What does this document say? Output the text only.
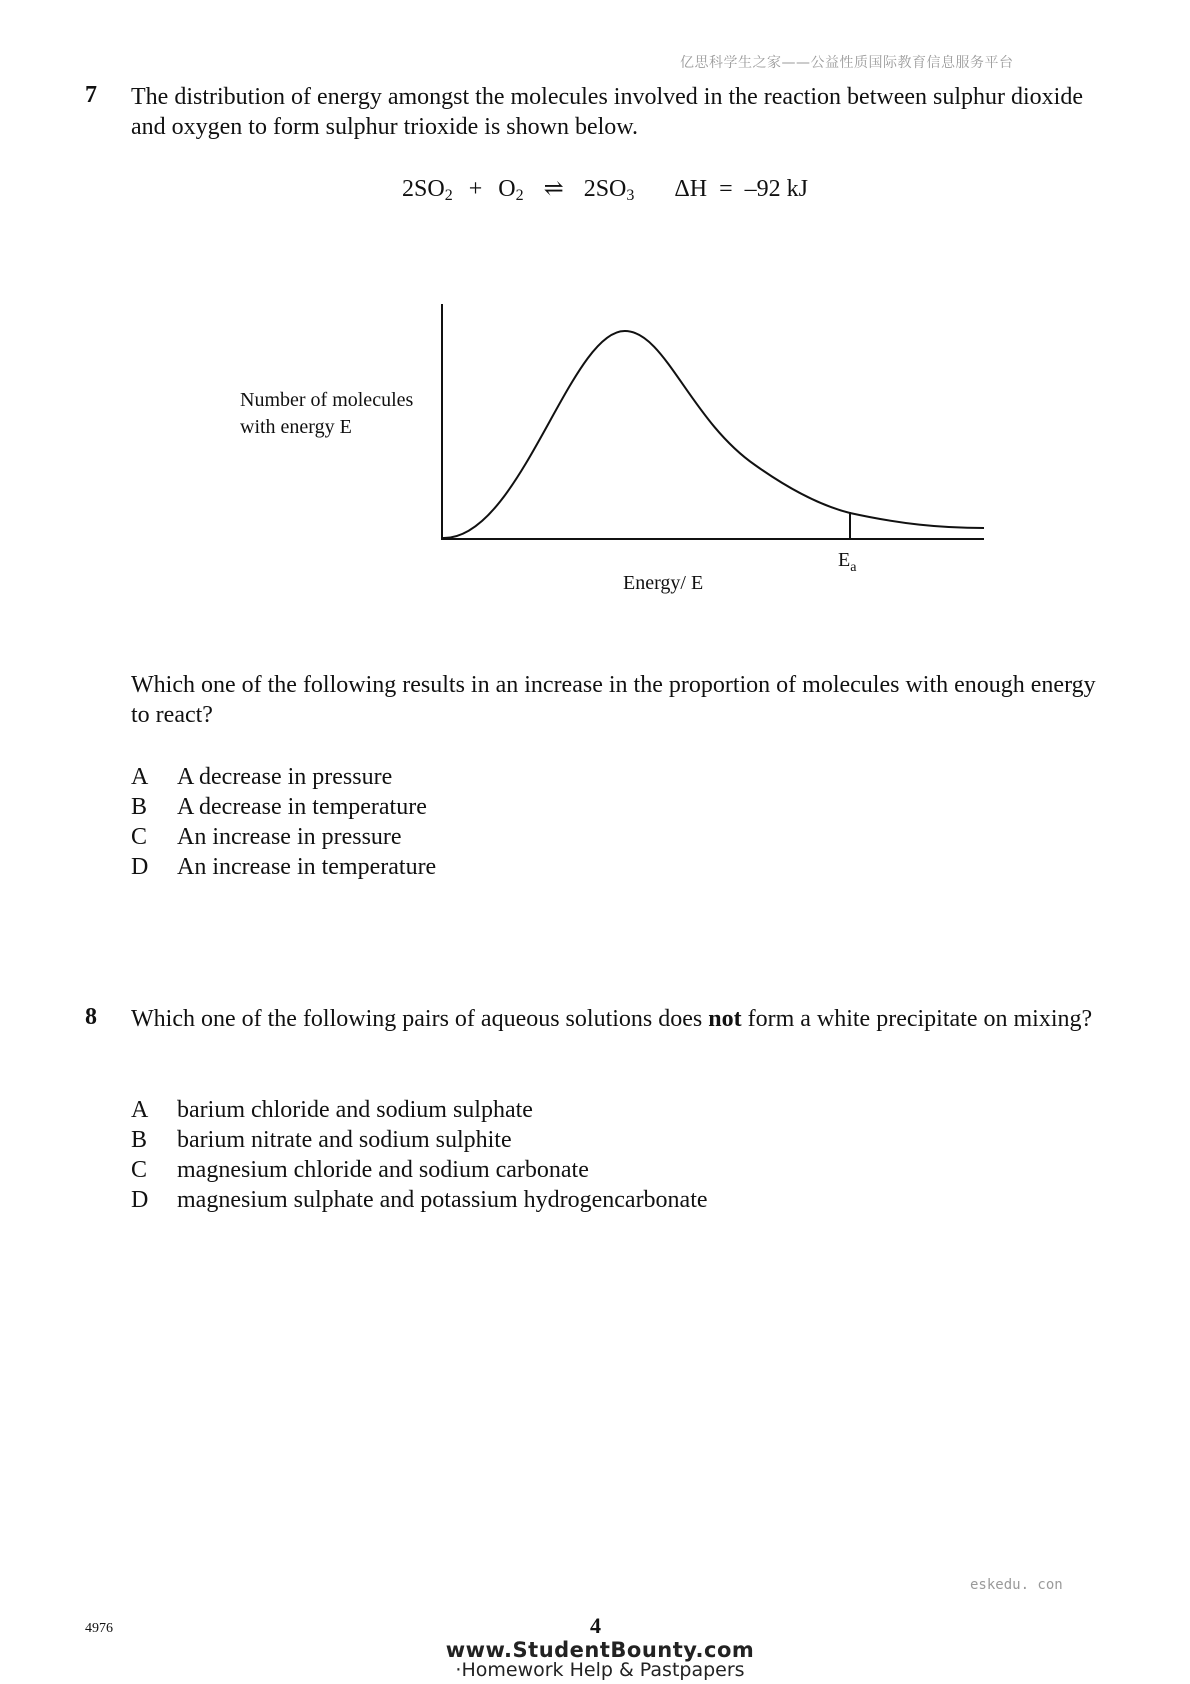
亿思科学生之家——公益性质国际教育信息服务平台
7 The distribution of energy amongst the molecules involved in the reaction between sulphur dioxide and oxygen to form sulphur trioxide is shown below.
$2SO_2 + O_2$ ⇌ $2SO_3$ ΔH  =  –92 kJ
Number of molecules
with energy E
$E_a$
Energy/ E
Which one of the following results in an increase in the proportion of molecules with enough energy to react?
A	A decrease in pressure
B	A decrease in temperature
C	An increase in pressure
D	An increase in temperature
8 Which one of the following pairs of aqueous solutions does not form a white precipitate on mixing?
A	barium chloride and sodium sulphate
B	barium nitrate and sodium sulphite
C	magnesium chloride and sodium carbonate
D	magnesium sulphate and potassium hydrogencarbonate
eskedu. con
4976	4
www.StudentBounty.com
·Homework Help & Pastpapers
